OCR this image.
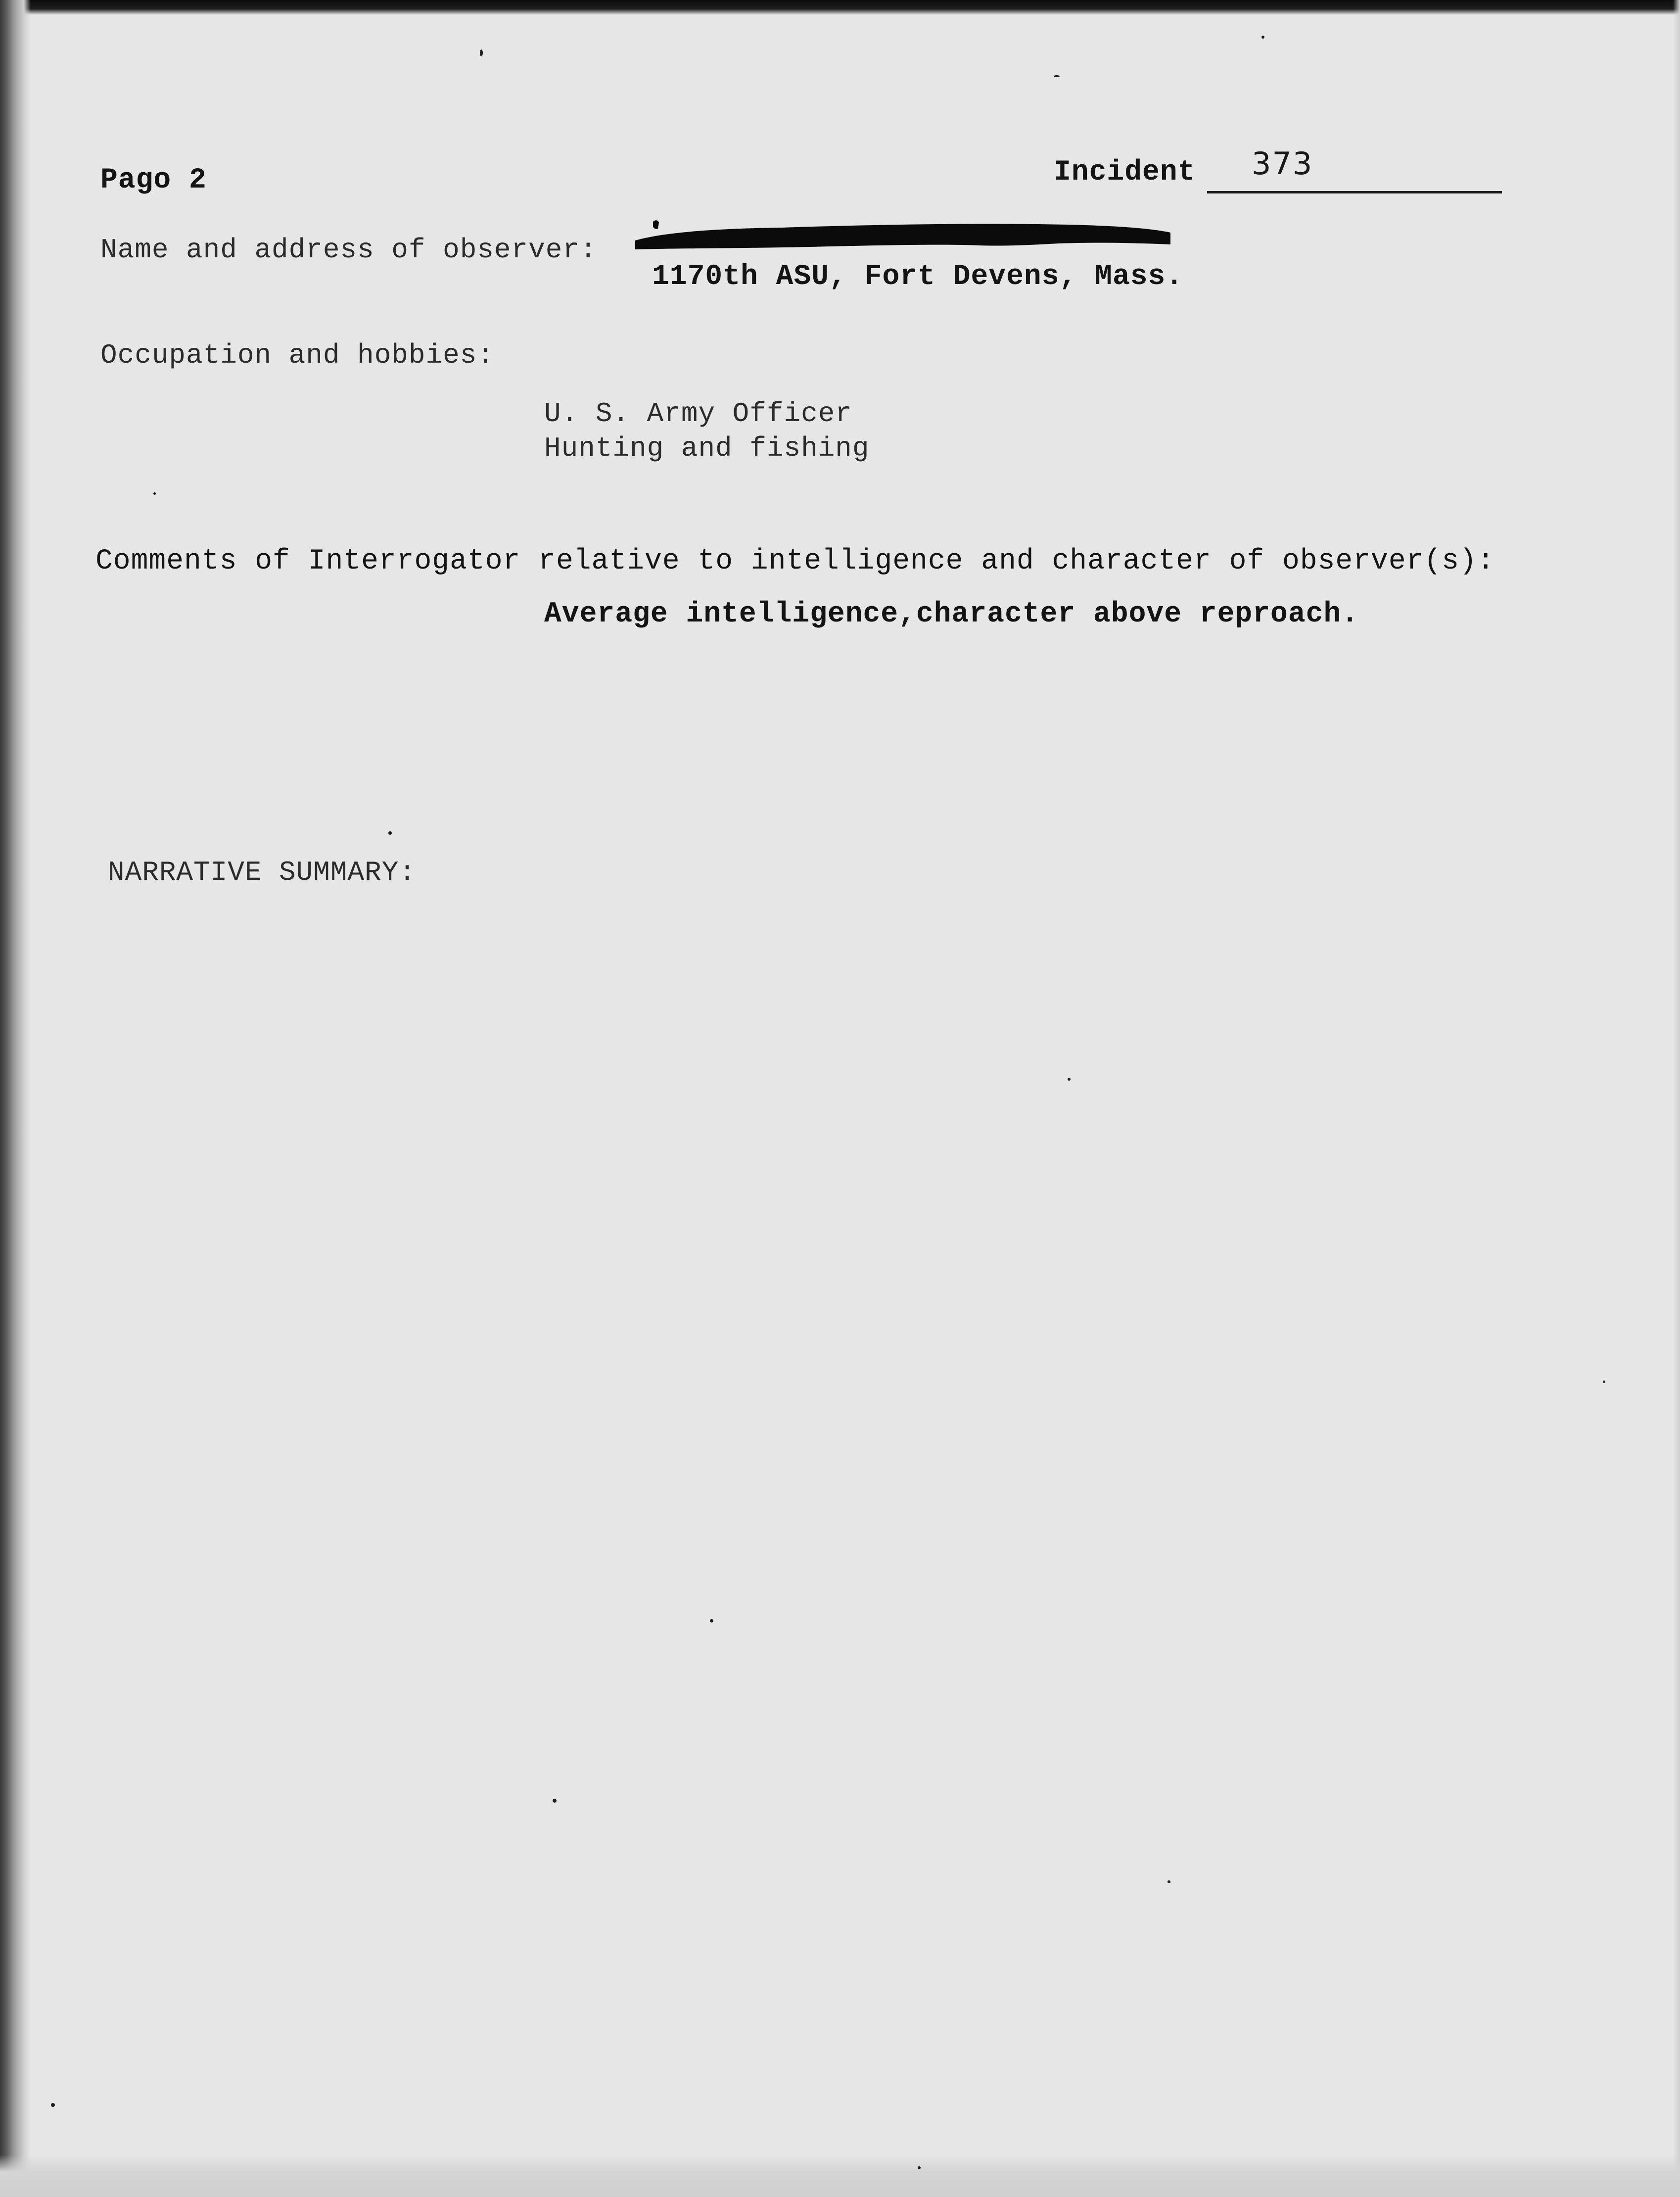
Pago 2	Incident 373
Name and address of observer:
1170th ASU, Fort Devens, Mass.
Occupation and hobbies:
U. S. Army Officer
Hunting and fishing
Comments of Interrogator relative to intelligence and character of observer(s):
Average intelligence,character above reproach.
NARRATIVE SUMMARY:
